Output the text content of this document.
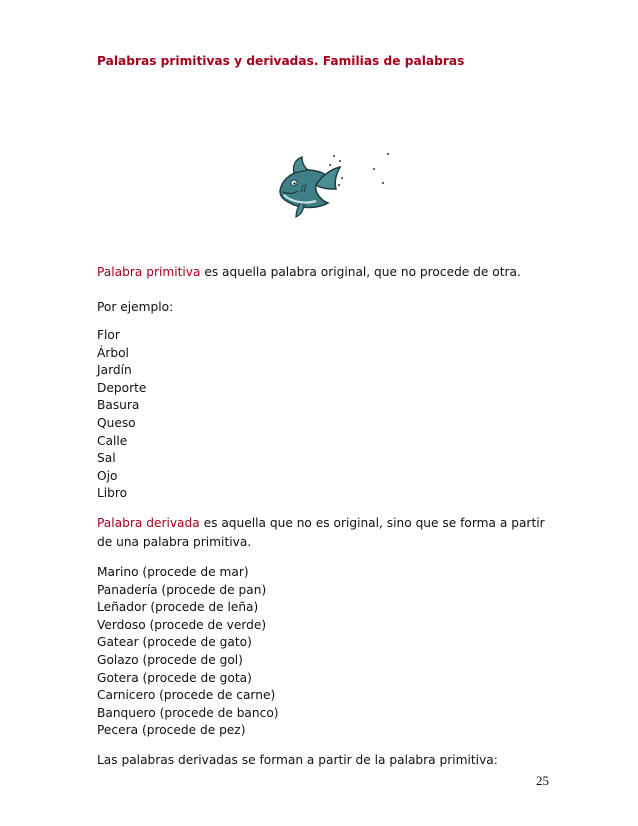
Palabras primitivas y derivadas. Familias de palabras

Palabra primitiva es aquella palabra original, que no procede de otra.

Por ejemplo:

Flor
Árbol
Jardín
Deporte
Basura
Queso
Calle
Sal
Ojo
Libro

Palabra derivada es aquella que no es original, sino que se forma a partir de una palabra primitiva.

Marino (procede de mar)
Panadería (procede de pan)
Leñador (procede de leña)
Verdoso (procede de verde)
Gatear (procede de gato)
Golazo (procede de gol)
Gotera (procede de gota)
Carnicero (procede de carne)
Banquero (procede de banco)
Pecera (procede de pez)

Las palabras derivadas se forman a partir de la palabra primitiva:

25
